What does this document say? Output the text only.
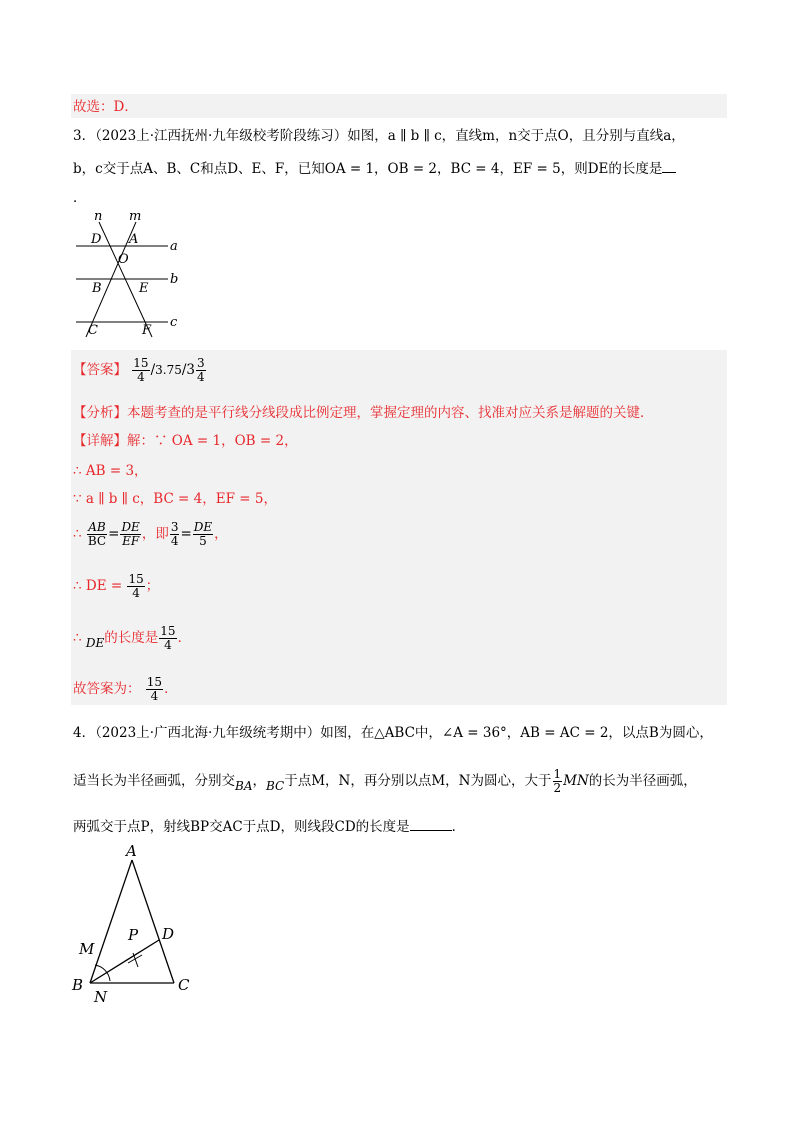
故选：D．
3．（2023上·江西抚州·九年级校考阶段练习）如图，a ∥ b ∥ c，直线m，n交于点O，且分别与直线a，
b，c交于点A、B、C和点D、E、F，已知OA = 1，OB = 2，BC = 4，EF = 5，则DE的长度是
．
n m
D A a
O
B	E
b
C	F
c
【答案】 $\frac{15}{4} /3.75/3 \frac{3}{4}$
【分析】本题考查的是平行线分线段成比例定理，掌握定理的内容、找准对应关系是解题的关键．
【详解】解：∵ OA = 1，OB = 2，
∴ AB = 3，
∵ a ∥ b ∥ c，BC = 4，EF = 5，
∴ $\frac{AB}{BC} = \frac{DE}{EF}$ ，即 $\frac{3}{4} = \frac{DE}{5}$ ，
∴ DE = $\frac{15}{4}$ ；
∴ DE的长度是 $\frac{15}{4}$ ．
故答案为： $\frac{15}{4}$ ．
4．（2023上·广西北海·九年级统考期中）如图，在△ABC中，∠A = 36°，AB = AC = 2，以点B为圆心，
适当长为半径画弧，分别交BA，BC于点M，N，再分别以点M，N为圆心，大于 $\frac{1}{2}$ MN的长为半径画弧，
两弧交于点P，射线BP交AC于点D，则线段CD的长度是	．
A
P D
M
B
N
C
